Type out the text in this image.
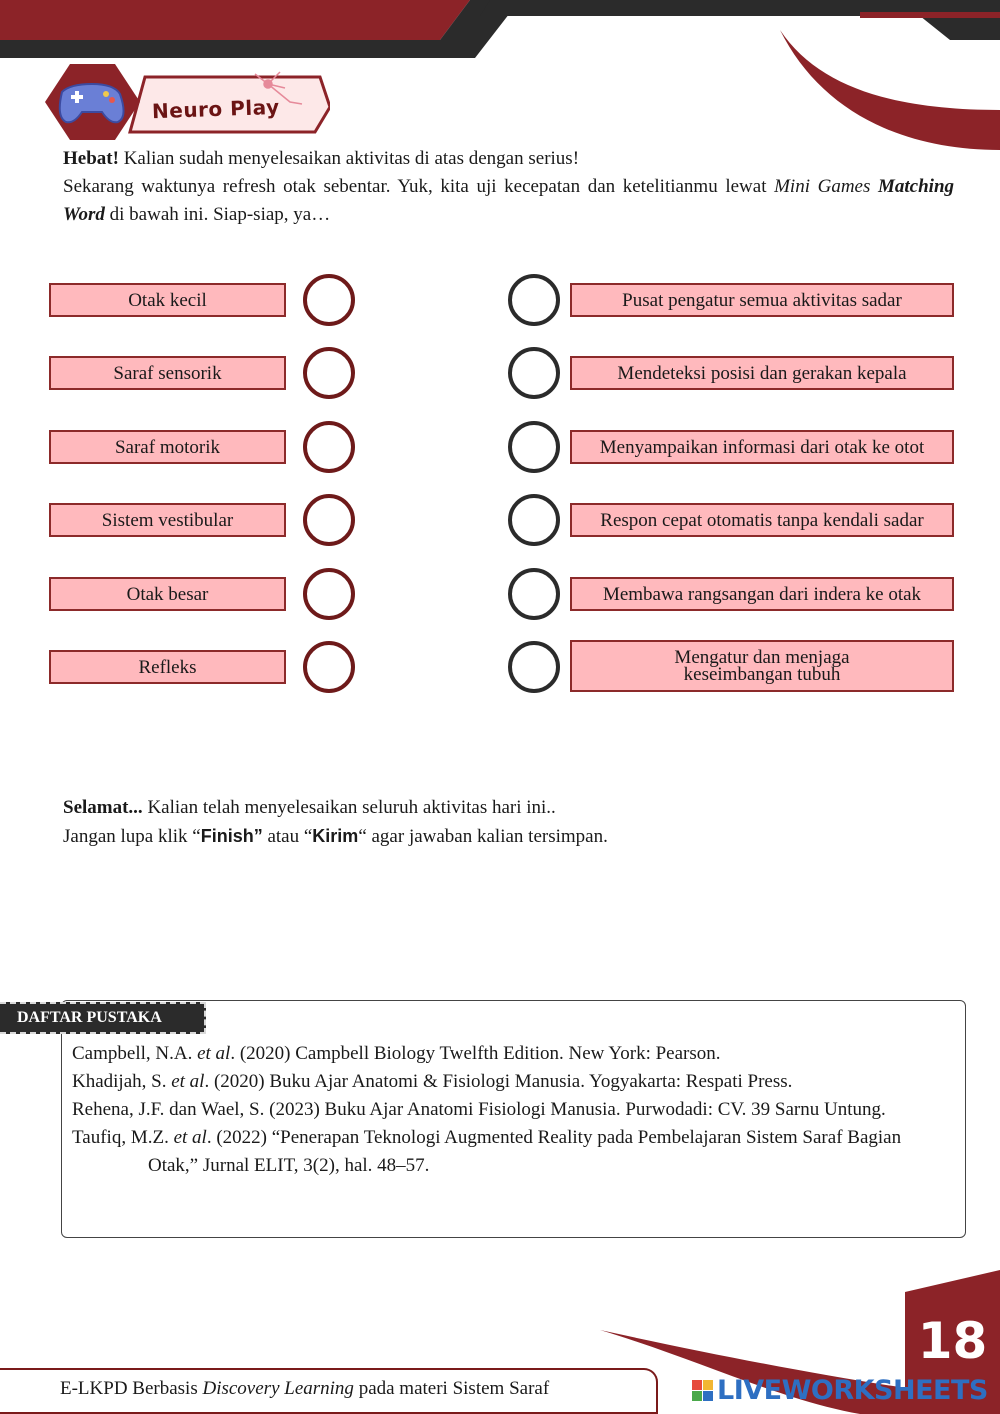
Neuro Play

Hebat! Kalian sudah menyelesaikan aktivitas di atas dengan serius!

Sekarang waktunya refresh otak sebentar. Yuk, kita uji kecepatan dan ketelitianmu lewat Mini Games Matching Word di bawah ini. Siap-siap, ya…

Otak kecil
Saraf sensorik
Saraf motorik
Sistem vestibular
Otak besar
Refleks
Pusat pengatur semua aktivitas sadar
Mendeteksi posisi dan gerakan kepala
Menyampaikan informasi dari otak ke otot
Respon cepat otomatis tanpa kendali sadar
Membawa rangsangan dari indera ke otak
Mengatur dan menjaga keseimbangan tubuh
Selamat... Kalian telah menyelesaikan seluruh aktivitas hari ini..
Jangan lupa klik “Finish” atau “Kirim“ agar jawaban kalian tersimpan.
DAFTAR PUSTAKA
Campbell, N.A. et al. (2020) Campbell Biology Twelfth Edition. New York: Pearson.
Khadijah, S. et al. (2020) Buku Ajar Anatomi & Fisiologi Manusia. Yogyakarta: Respati Press.
Rehena, J.F. dan Wael, S. (2023) Buku Ajar Anatomi Fisiologi Manusia. Purwodadi: CV. 39 Sarnu Untung.
Taufiq, M.Z. et al. (2022) “Penerapan Teknologi Augmented Reality pada Pembelajaran Sistem Saraf Bagian Otak,” Jurnal ELIT, 3(2), hal. 48–57.
E-LKPD Berbasis Discovery Learning pada materi Sistem Saraf
18
LIVEWORKSHEETS
